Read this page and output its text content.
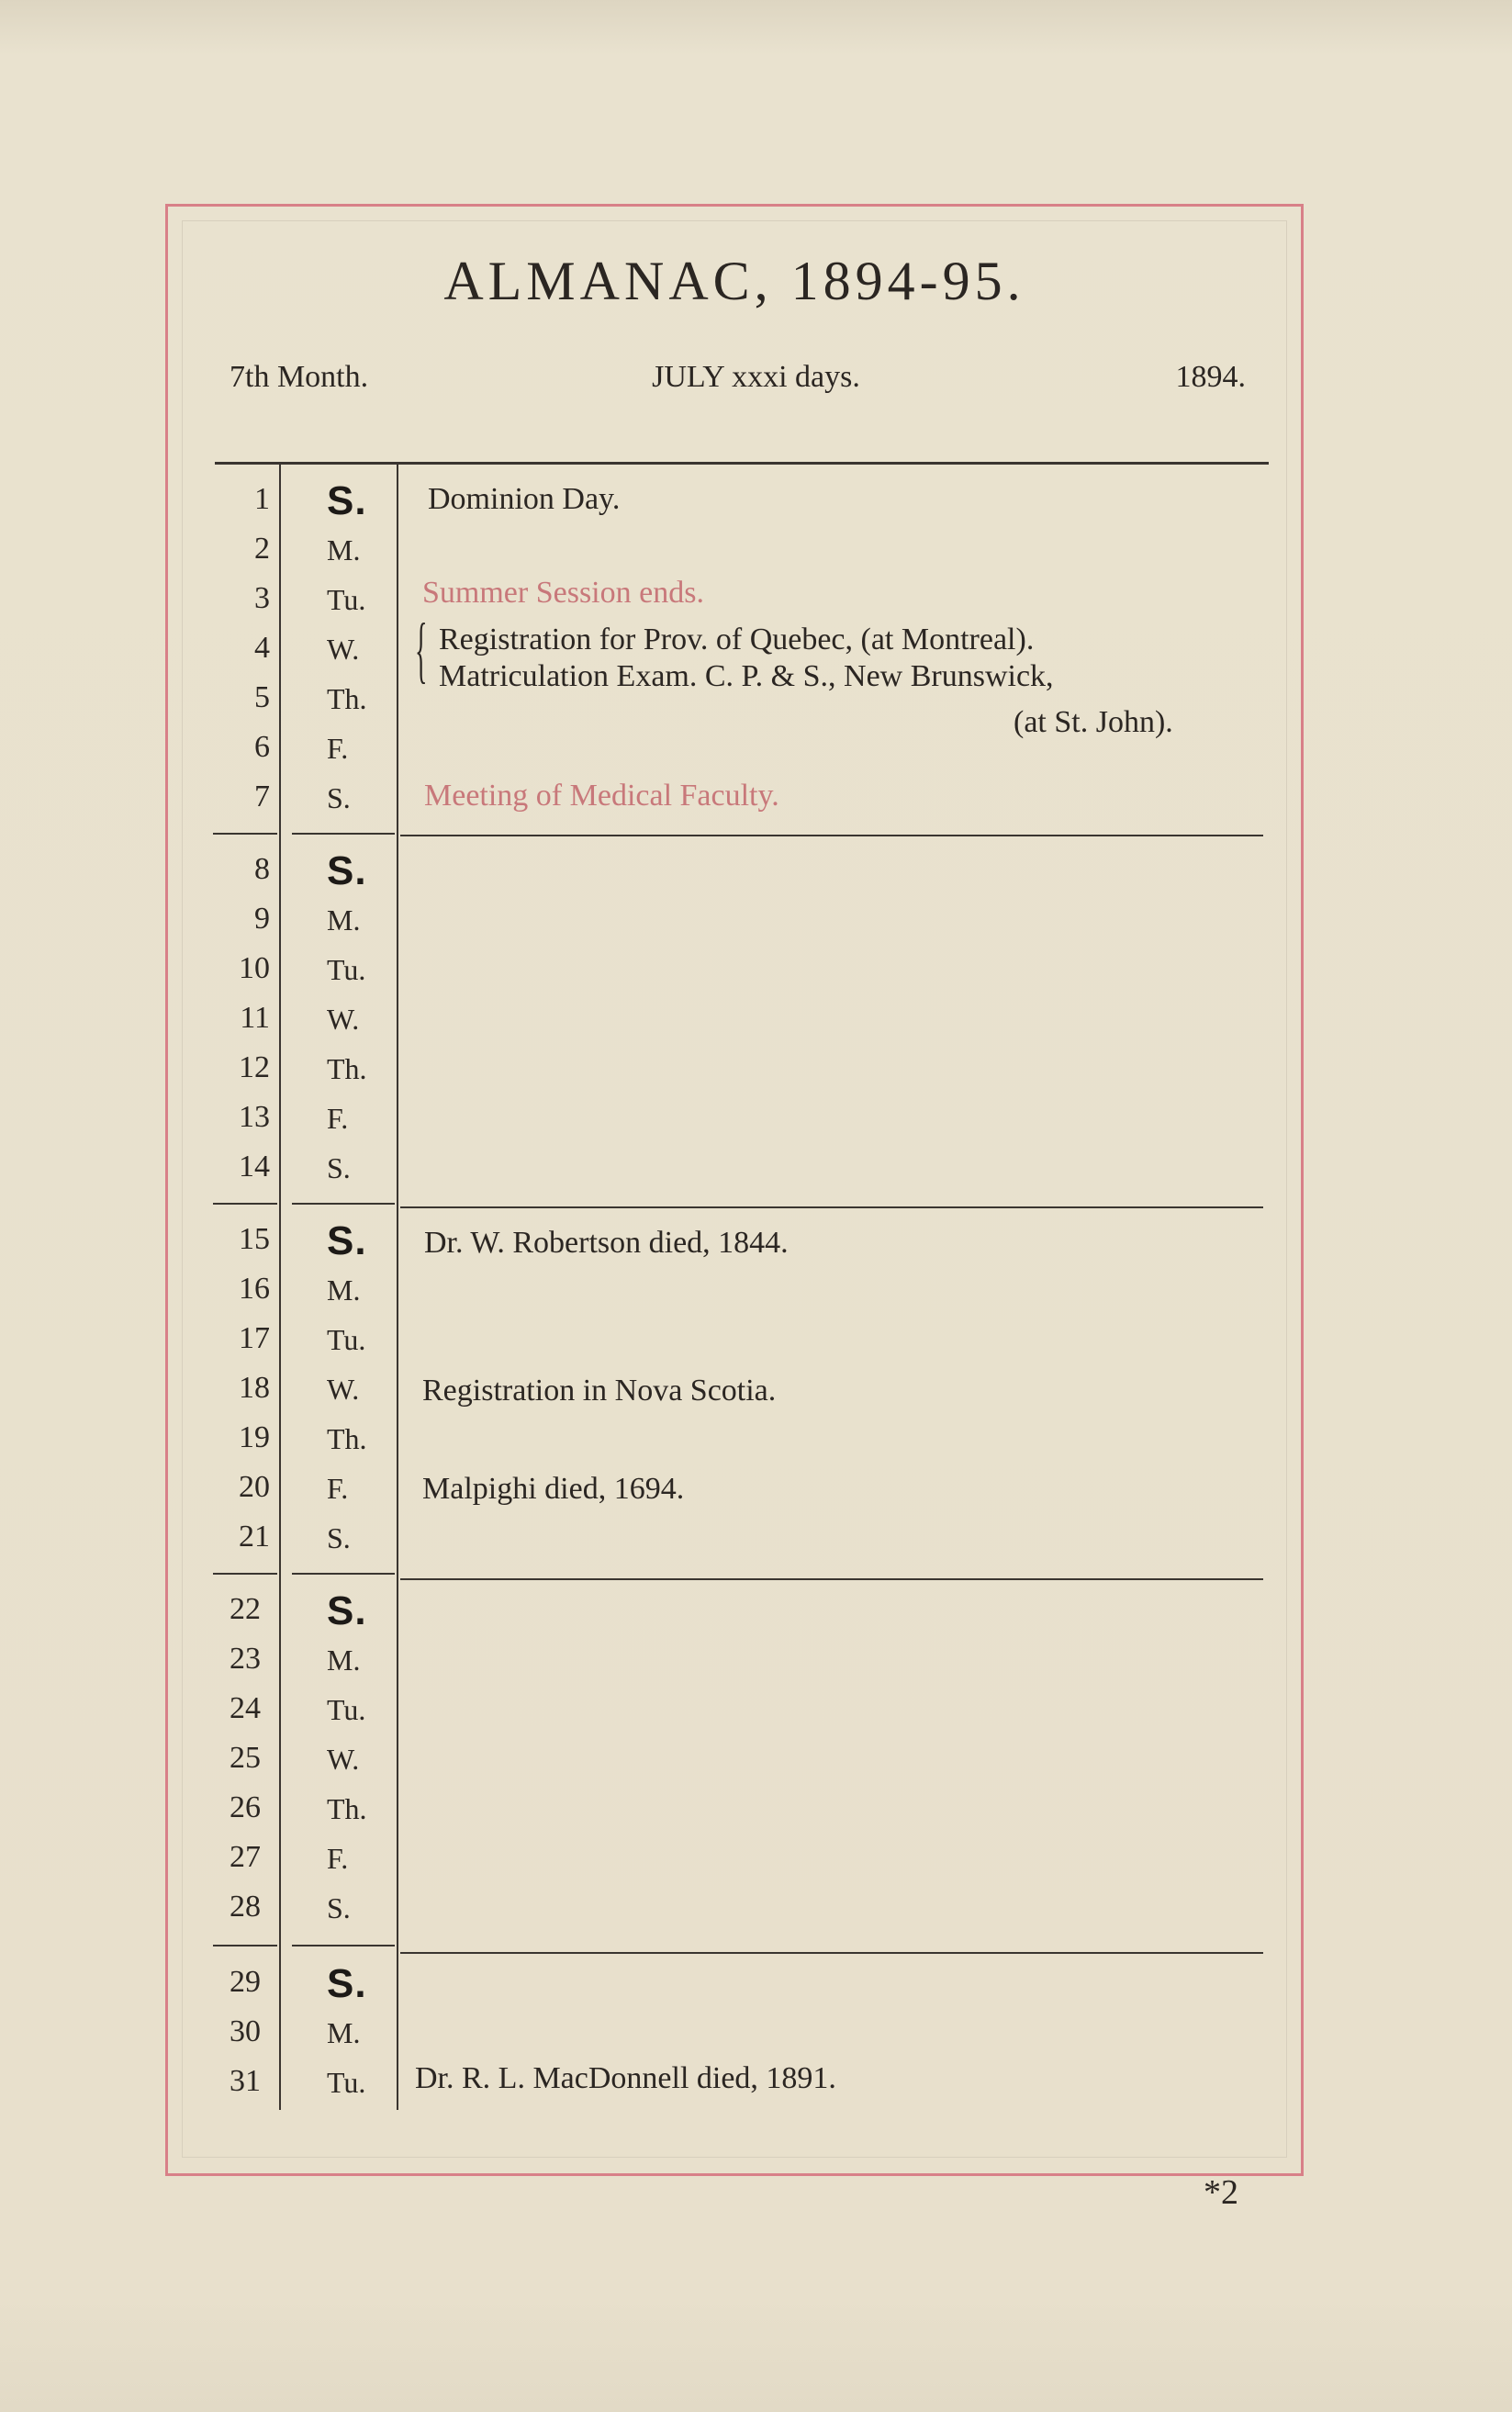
ALMANAC, 1894-95.
7th Month.	JULY xxxi days.	1894.
1 S.
2 M.
3 Tu.
4 W.
5 Th.
6 F.
7 S.
8 S.
9 M.
10 Tu.
11 W.
12 Th.
13 F.
14 S.
15 S.
16 M.
17 Tu.
18 W.
19 Th.
20 F.
21 S.
22 S.
23 M.
24 Tu.
25 W.
26 Th.
27 F.
28 S.
29 S.
30 M.
31 Tu.
Dominion Day.
Summer Session ends.
{ Registration for Prov. of Quebec, (at Montreal).
Matriculation Exam. C. P. & S., New Brunswick,
(at St. John).
Meeting of Medical Faculty.
Dr. W. Robertson died, 1844.
Registration in Nova Scotia.
Malpighi died, 1694.
Dr. R. L. MacDonnell died, 1891.
*2
